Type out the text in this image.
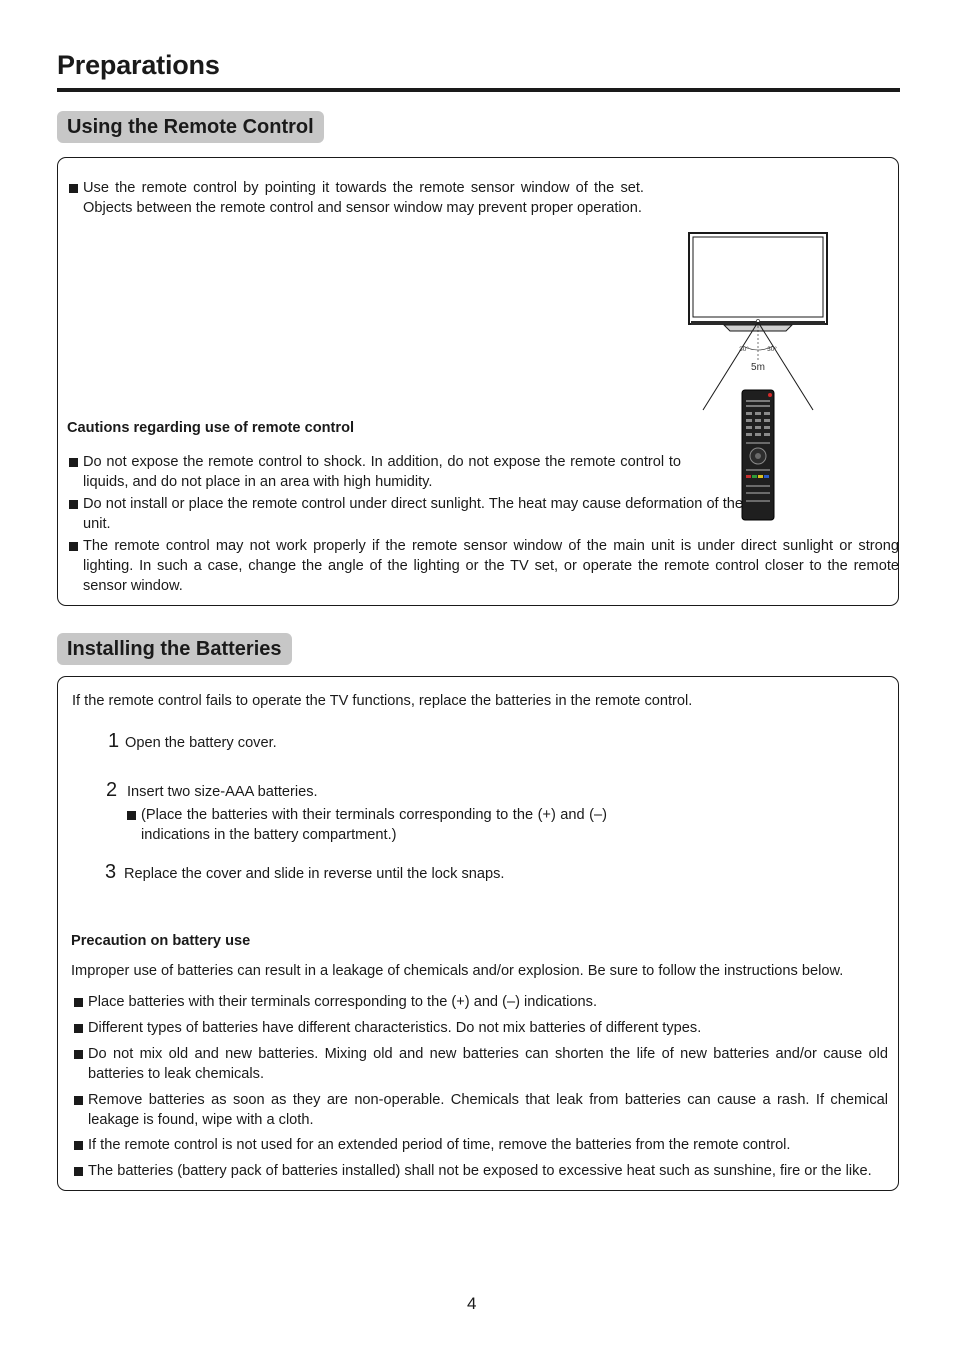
Preparations
Using the Remote Control
Use the remote control by pointing it towards the remote sensor window of the set. Objects between the remote control and sensor window may prevent proper operation.
30°	30°
5m
Cautions regarding use of remote control
Do not expose the remote control to shock. In addition, do not expose the remote control to liquids, and do not place in an area with high humidity.
Do not install or place the remote control under direct sunlight. The heat may cause deformation of the unit.
The remote control may not work properly if the remote sensor window of the main unit is under direct sunlight or strong lighting. In such a case, change the angle of the lighting or the TV set, or operate the remote control closer to the remote sensor window.
Installing the Batteries
If the remote control fails to operate the TV functions, replace the batteries in the remote control.
1 Open the battery cover.
2 Insert two size-AAA batteries.
(Place the batteries with their terminals corresponding to the (+) and (–) indications in the battery compartment.)
3 Replace the cover and slide in reverse until the lock snaps.
Precaution on battery use
Improper use of batteries can result in a leakage of chemicals and/or explosion. Be sure to follow the instructions below.
Place batteries with their terminals corresponding to the (+) and (–) indications.
Different types of batteries have different characteristics. Do not mix batteries of different types.
Do not mix old and new batteries. Mixing old and new batteries can shorten the life of new batteries and/or cause old batteries to leak chemicals.
Remove batteries as soon as they are non-operable. Chemicals that leak from batteries can cause a rash. If chemical leakage is found, wipe with a cloth.
If the remote control is not used for an extended period of time, remove the batteries from the remote control.
The batteries (battery pack of batteries installed) shall not be exposed to excessive heat such as sunshine, fire or the like.
4
